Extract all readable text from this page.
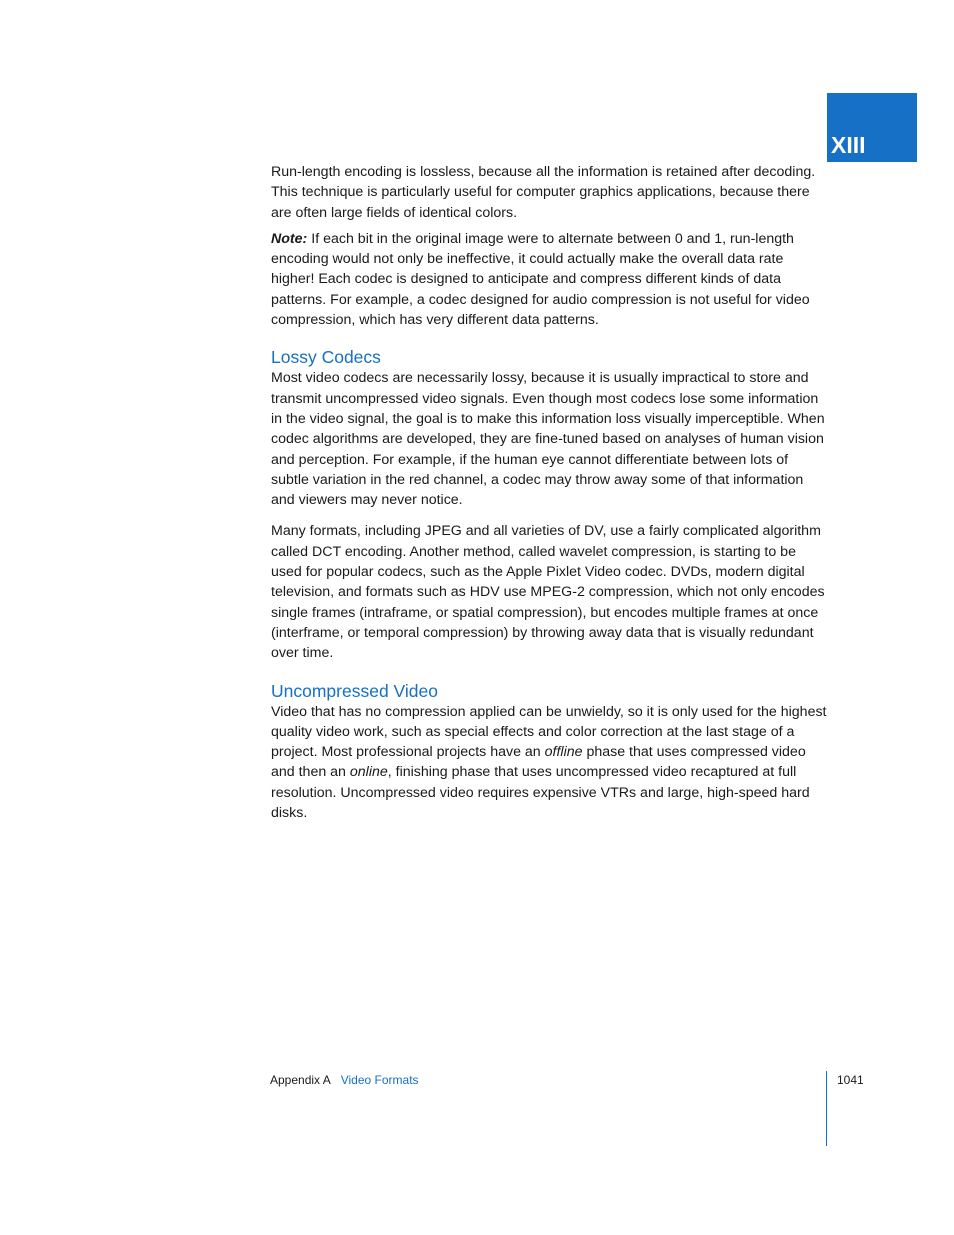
XIII

Run-length encoding is lossless, because all the information is retained after decoding. This technique is particularly useful for computer graphics applications, because there are often large fields of identical colors.

Note: If each bit in the original image were to alternate between 0 and 1, run-length encoding would not only be ineffective, it could actually make the overall data rate higher! Each codec is designed to anticipate and compress different kinds of data patterns. For example, a codec designed for audio compression is not useful for video compression, which has very different data patterns.

Lossy Codecs

Most video codecs are necessarily lossy, because it is usually impractical to store and transmit uncompressed video signals. Even though most codecs lose some information in the video signal, the goal is to make this information loss visually imperceptible. When codec algorithms are developed, they are fine-tuned based on analyses of human vision and perception. For example, if the human eye cannot differentiate between lots of subtle variation in the red channel, a codec may throw away some of that information and viewers may never notice.

Many formats, including JPEG and all varieties of DV, use a fairly complicated algorithm called DCT encoding. Another method, called wavelet compression, is starting to be used for popular codecs, such as the Apple Pixlet Video codec. DVDs, modern digital television, and formats such as HDV use MPEG-2 compression, which not only encodes single frames (intraframe, or spatial compression), but encodes multiple frames at once (interframe, or temporal compression) by throwing away data that is visually redundant over time.

Uncompressed Video

Video that has no compression applied can be unwieldy, so it is only used for the highest quality video work, such as special effects and color correction at the last stage of a project. Most professional projects have an offline phase that uses compressed video and then an online, finishing phase that uses uncompressed video recaptured at full resolution. Uncompressed video requires expensive VTRs and large, high-speed hard disks.

Appendix A Video Formats	1041
